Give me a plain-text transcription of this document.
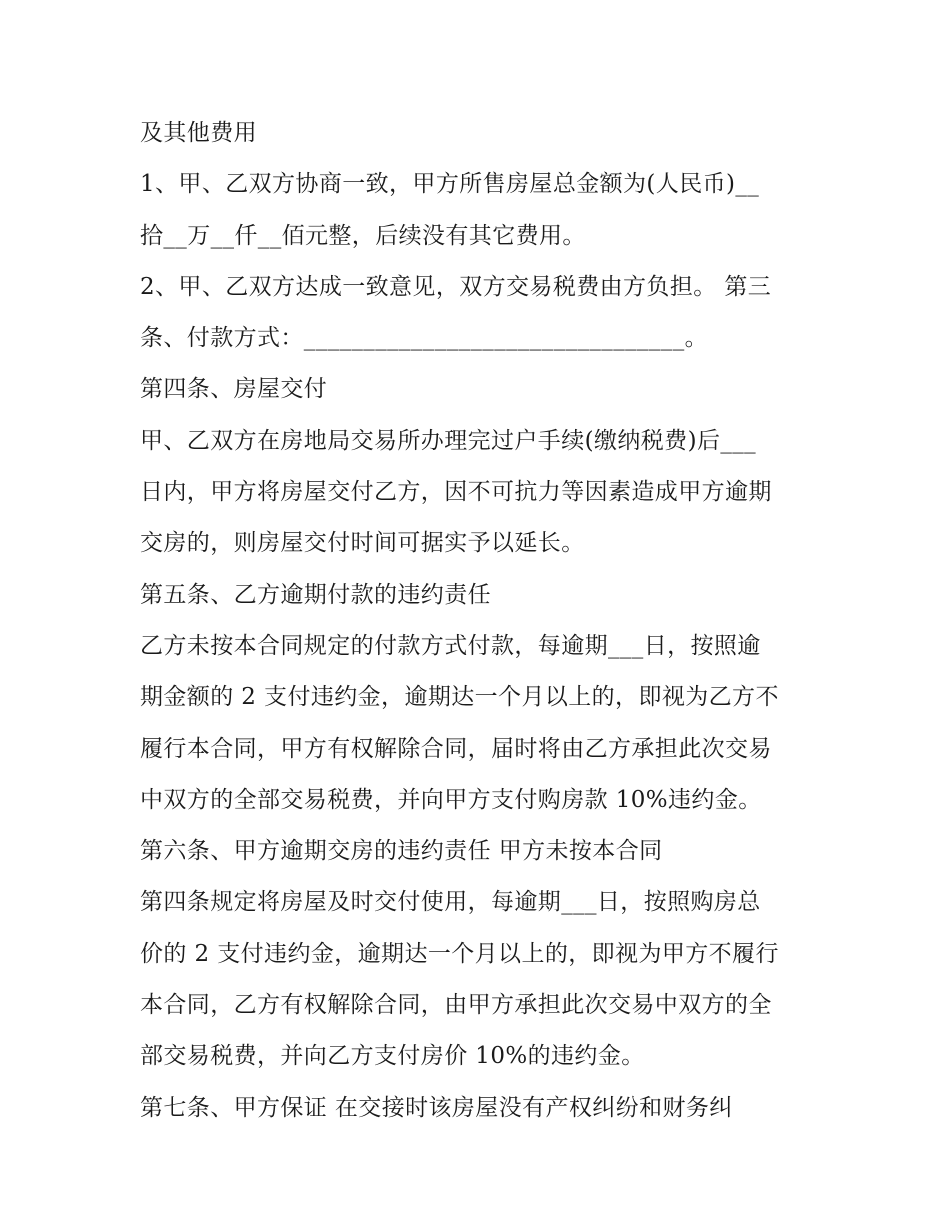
及其他费用
1、甲、乙双方协商一致，甲方所售房屋总金额为(人民币)__
拾__万__仟__佰元整，后续没有其它费用。
2、甲、乙双方达成一致意见，双方交易税费由方负担。 第三
条、付款方式：________________________________。
第四条、房屋交付
甲、乙双方在房地局交易所办理完过户手续(缴纳税费)后___
日内，甲方将房屋交付乙方，因不可抗力等因素造成甲方逾期
交房的，则房屋交付时间可据实予以延长。
第五条、乙方逾期付款的违约责任
乙方未按本合同规定的付款方式付款，每逾期___日，按照逾
期金额的 2 支付违约金，逾期达一个月以上的，即视为乙方不
履行本合同，甲方有权解除合同，届时将由乙方承担此次交易
中双方的全部交易税费，并向甲方支付购房款 10%违约金。
第六条、甲方逾期交房的违约责任 甲方未按本合同
第四条规定将房屋及时交付使用，每逾期___日，按照购房总
价的 2 支付违约金，逾期达一个月以上的，即视为甲方不履行
本合同，乙方有权解除合同，由甲方承担此次交易中双方的全
部交易税费，并向乙方支付房价 10%的违约金。
第七条、甲方保证 在交接时该房屋没有产权纠纷和财务纠
